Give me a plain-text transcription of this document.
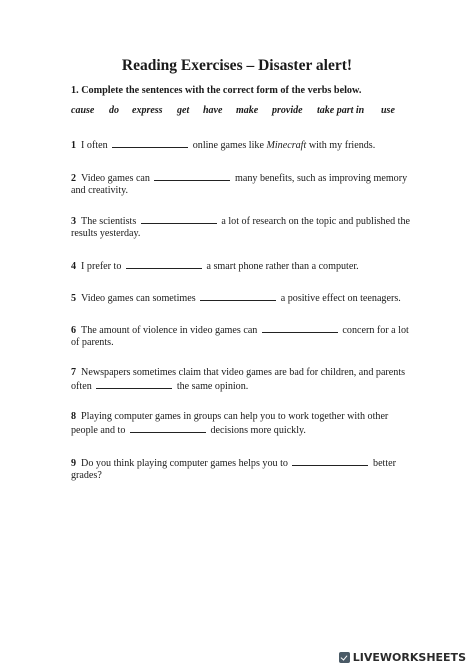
Reading Exercises – Disaster alert!
1. Complete the sentences with the correct form of the verbs below.
cause do express get have make provide take part in use
1 I often	online games like Minecraft with my friends.
2 Video games can	many benefits, such as improving memory and creativity.
3 The scientists	a lot of research on the topic and published the results yesterday.
4 I prefer to	a smart phone rather than a computer.
5 Video games can sometimes	a positive effect on teenagers.
6 The amount of violence in video games can	concern for a lot of parents.
7 Newspapers sometimes claim that video games are bad for children, and parents often	the same opinion.
8 Playing computer games in groups can help you to work together with other people and to	decisions more quickly.
9 Do you think playing computer games helps you to	better grades?
LIVEWORKSHEETS
